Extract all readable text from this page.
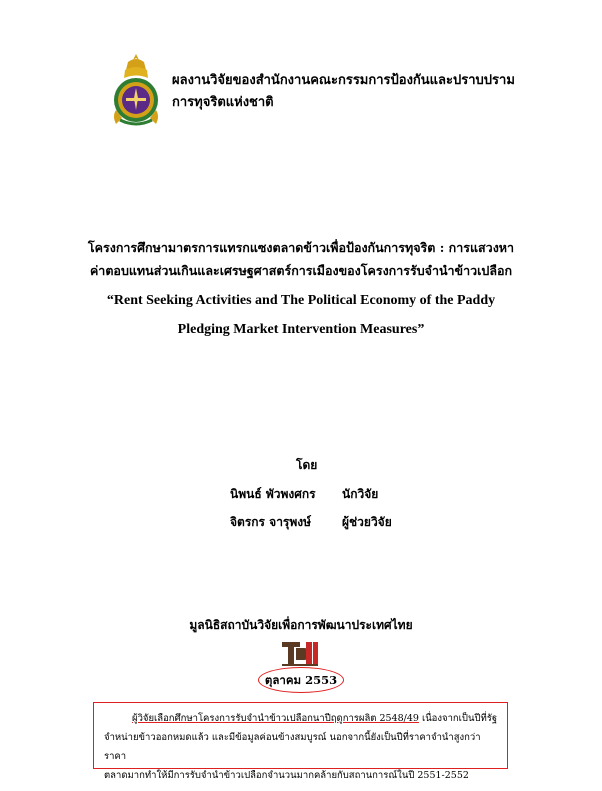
ผลงานวิจัยของสำนักงานคณะกรรมการป้องกันและปราบปราม
การทุจริตแห่งชาติ
โครงการศึกษามาตรการแทรกแซงตลาดข้าวเพื่อป้องกันการทุจริต : การแสวงหา
ค่าตอบแทนส่วนเกินและเศรษฐศาสตร์การเมืองของโครงการรับจำนำข้าวเปลือก
“Rent Seeking Activities and The Political Economy of the Paddy
Pledging Market Intervention Measures”
โดย
นิพนธ์ พัวพงศกร นักวิจัย
จิตรกร จารุพงษ์	ผู้ช่วยวิจัย
มูลนิธิสถาบันวิจัยเพื่อการพัฒนาประเทศไทย
ตุลาคม 2553
ผู้วิจัยเลือกศึกษาโครงการรับจำนำข้าวเปลือกนาปีฤดูการผลิต 2548/49 เนื่องจากเป็นปีที่รัฐ
จำหน่ายข้าวออกหมดแล้ว และมีข้อมูลค่อนข้างสมบูรณ์ นอกจากนี้ยังเป็นปีที่ราคาจำนำสูงกว่าราคา
ตลาดมากทำให้มีการรับจำนำข้าวเปลือกจำนวนมากคล้ายกับสถานการณ์ในปี 2551-2552
